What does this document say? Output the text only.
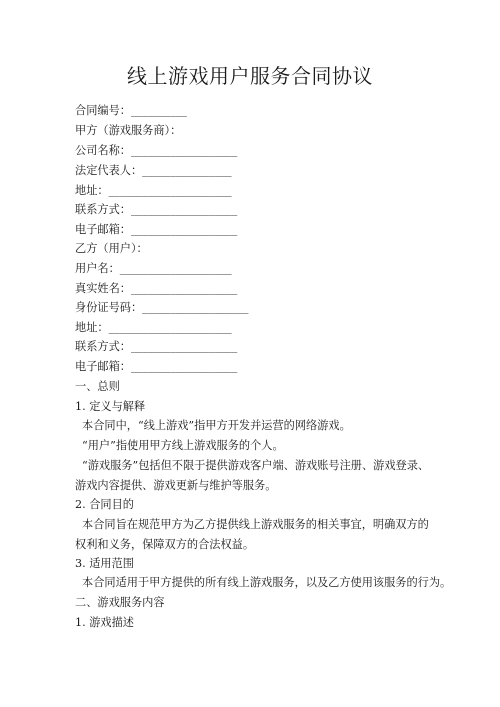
线上游戏用户服务合同协议
合同编号：__________
甲方（游戏服务商）：
公司名称：___________________
法定代表人：________________
地址：______________________
联系方式：___________________
电子邮箱：___________________
乙方（用户）：
用户名：____________________
真实姓名：___________________
身份证号码：___________________
地址：______________________
联系方式：___________________
电子邮箱：___________________
一、总则
1. 定义与解释
本合同中，“线上游戏”指甲方开发并运营的网络游戏。
“用户”指使用甲方线上游戏服务的个人。
“游戏服务”包括但不限于提供游戏客户端、游戏账号注册、游戏登录、游戏内容提供、游戏更新与维护等服务。
2. 合同目的
本合同旨在规范甲方为乙方提供线上游戏服务的相关事宜，明确双方的权利和义务，保障双方的合法权益。
3. 适用范围
本合同适用于甲方提供的所有线上游戏服务，以及乙方使用该服务的行为。
二、游戏服务内容
1. 游戏描述
